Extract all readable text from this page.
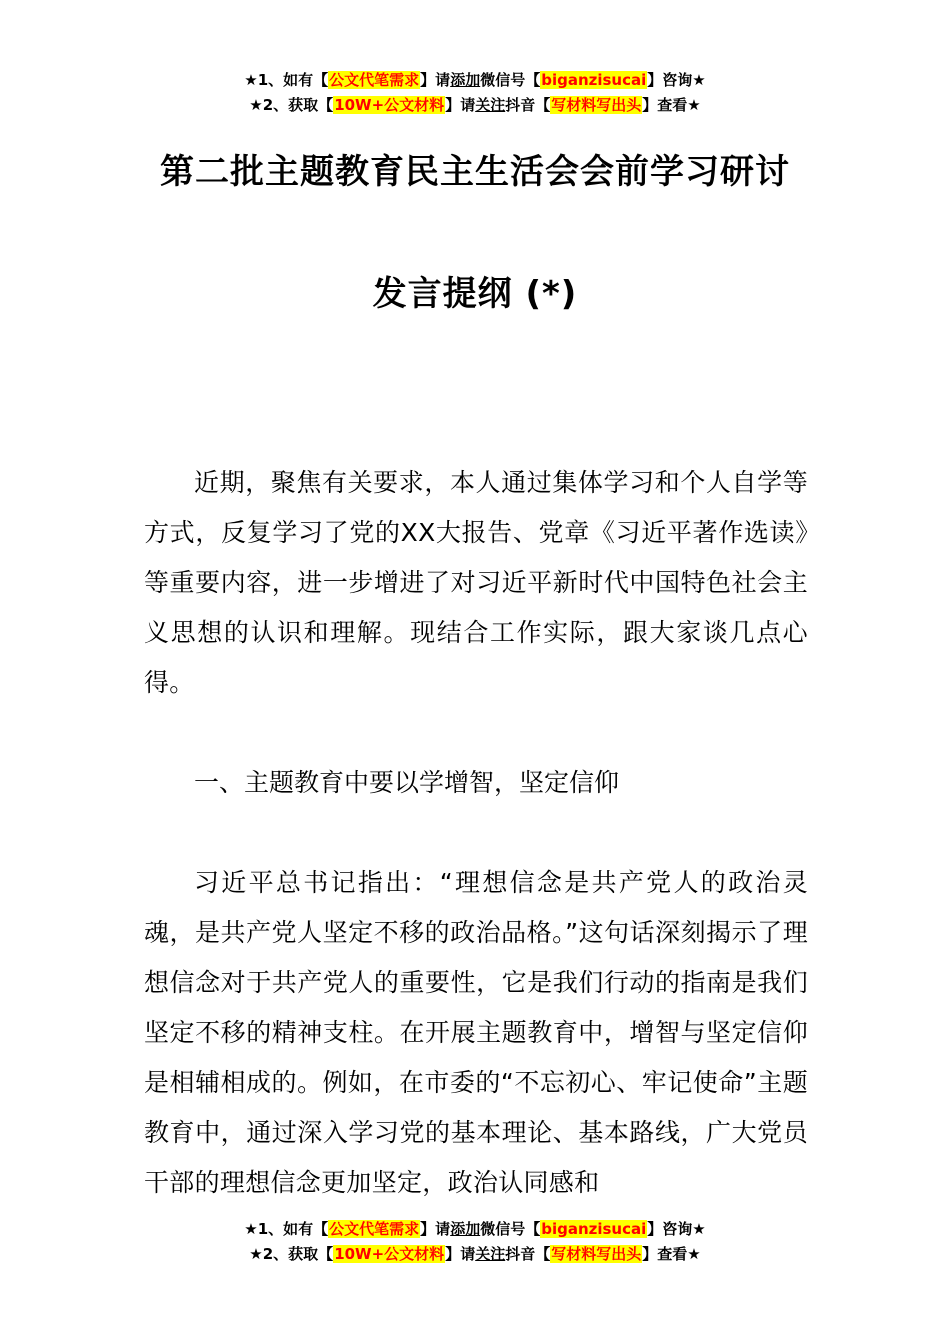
★1、如有【公文代笔需求】请添加微信号【biganzisucai】咨询★
★2、获取【10W+公文材料】请关注抖音【写材料写出头】查看★
第二批主题教育民主生活会会前学习研讨
发言提纲 (*)

近期，聚焦有关要求，本人通过集体学习和个人自学等方式，反复学习了党的XX大报告、党章《习近平著作选读》等重要内容，进一步增进了对习近平新时代中国特色社会主义思想的认识和理解。现结合工作实际，跟大家谈几点心得。

一、主题教育中要以学增智，坚定信仰

习近平总书记指出：“理想信念是共产党人的政治灵魂，是共产党人坚定不移的政治品格。”这句话深刻揭示了理想信念对于共产党人的重要性，它是我们行动的指南是我们坚定不移的精神支柱。在开展主题教育中，增智与坚定信仰是相辅相成的。例如，在市委的“不忘初心、牢记使命”主题教育中，通过深入学习党的基本理论、基本路线，广大党员干部的理想信念更加坚定，政治认同感和

★1、如有【公文代笔需求】请添加微信号【biganzisucai】咨询★
★2、获取【10W+公文材料】请关注抖音【写材料写出头】查看★
